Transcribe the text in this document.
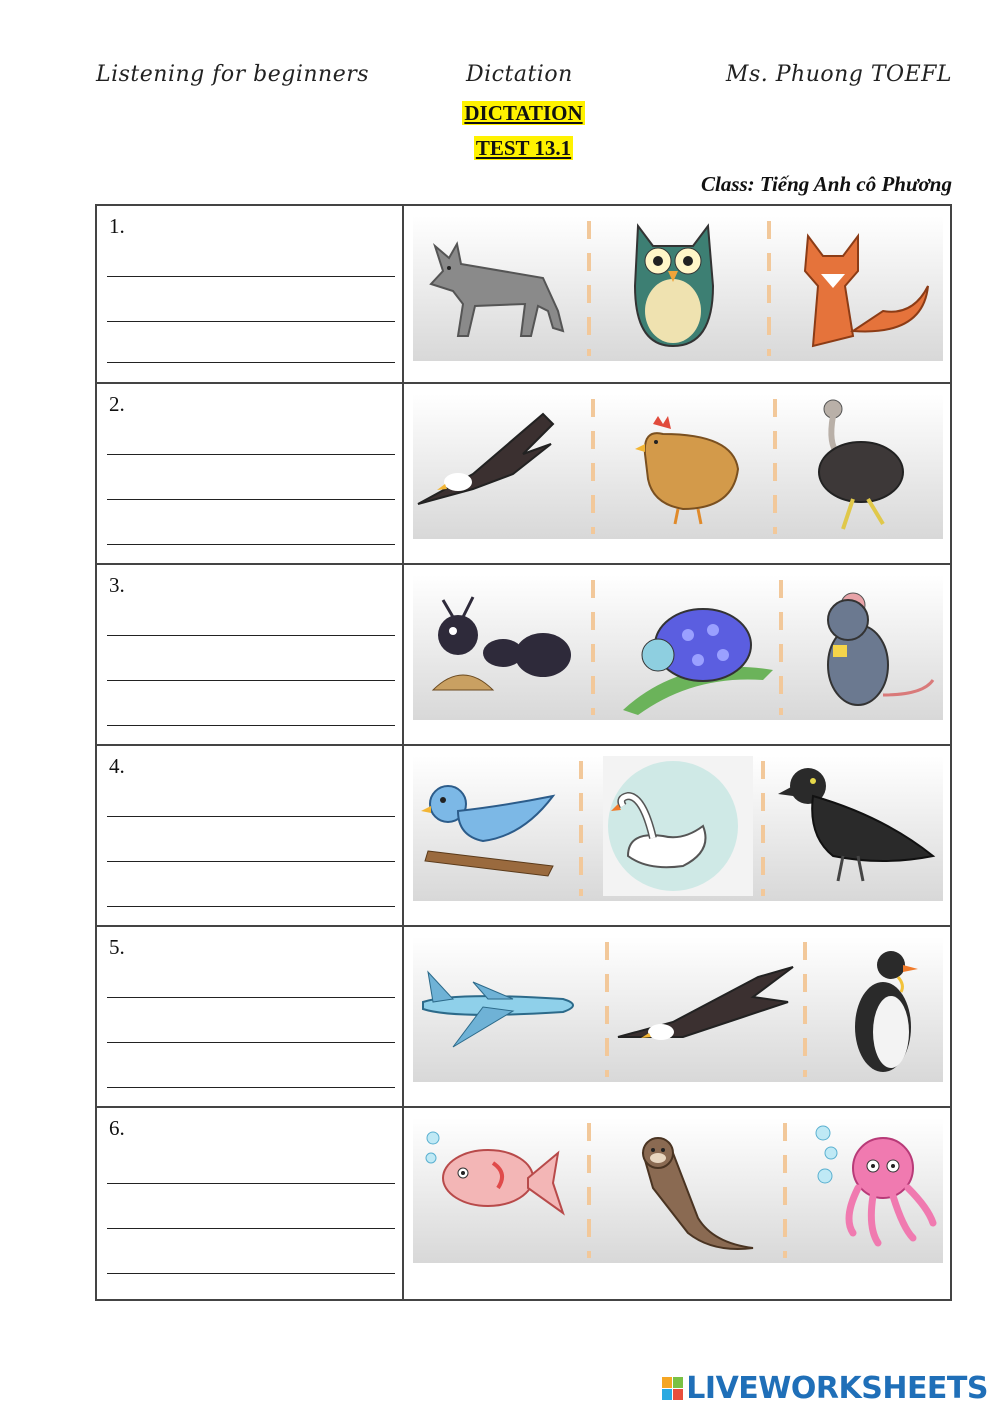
Listening for beginners	Dictation	Ms. Phuong TOEFL
DICTATION
TEST 13.1
Class: Tiếng Anh cô Phương
1.
2.
3.
4.
5.
6.
LIVEWORKSHEETS
